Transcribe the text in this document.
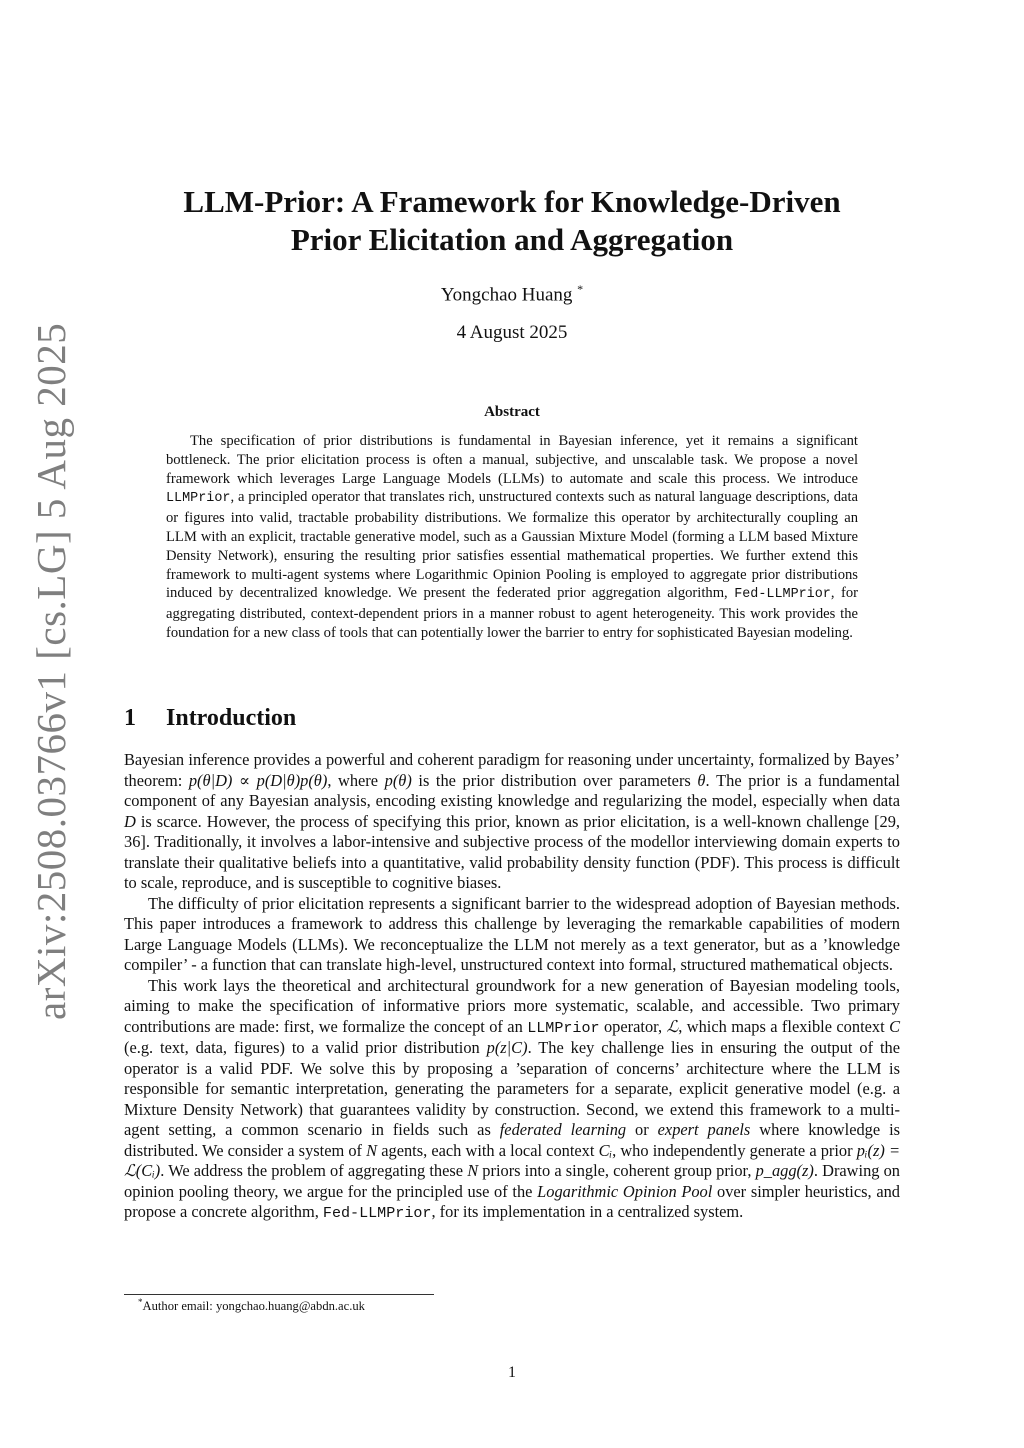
arXiv:2508.03766v1 [cs.LG] 5 Aug 2025
LLM-Prior: A Framework for Knowledge-Driven
Prior Elicitation and Aggregation
Yongchao Huang *
4 August 2025
Abstract
The specification of prior distributions is fundamental in Bayesian inference, yet it remains a significant bottleneck. The prior elicitation process is often a manual, subjective, and unscalable task. We propose a novel framework which leverages Large Language Models (LLMs) to automate and scale this process. We introduce LLMPrior, a principled operator that translates rich, unstructured contexts such as natural language descriptions, data or figures into valid, tractable probability distributions. We formalize this operator by architecturally coupling an LLM with an explicit, tractable generative model, such as a Gaussian Mixture Model (forming a LLM based Mixture Density Network), ensuring the resulting prior satisfies essential mathematical properties. We further extend this framework to multi-agent systems where Logarithmic Opinion Pooling is employed to aggregate prior distributions induced by decentralized knowledge. We present the federated prior aggregation algorithm, Fed-LLMPrior, for aggregating distributed, context-dependent priors in a manner robust to agent heterogeneity. This work provides the foundation for a new class of tools that can potentially lower the barrier to entry for sophisticated Bayesian modeling.
1 Introduction

Bayesian inference provides a powerful and coherent paradigm for reasoning under uncertainty, formalized by Bayes’ theorem: p(θ|D) ∝ p(D|θ)p(θ), where p(θ) is the prior distribution over parameters θ. The prior is a fundamental component of any Bayesian analysis, encoding existing knowledge and regularizing the model, especially when data D is scarce. However, the process of specifying this prior, known as prior elicitation, is a well-known challenge [29, 36]. Traditionally, it involves a labor-intensive and subjective process of the modellor interviewing domain experts to translate their qualitative beliefs into a quantitative, valid probability density function (PDF). This process is difficult to scale, reproduce, and is susceptible to cognitive biases.

The difficulty of prior elicitation represents a significant barrier to the widespread adoption of Bayesian methods. This paper introduces a framework to address this challenge by leveraging the remarkable capabilities of modern Large Language Models (LLMs). We reconceptualize the LLM not merely as a text generator, but as a ’knowledge compiler’ - a function that can translate high-level, unstructured context into formal, structured mathematical objects.

This work lays the theoretical and architectural groundwork for a new generation of Bayesian modeling tools, aiming to make the specification of informative priors more systematic, scalable, and accessible. Two primary contributions are made: first, we formalize the concept of an LLMPrior operator, ℒ, which maps a flexible context C (e.g. text, data, figures) to a valid prior distribution p(z|C). The key challenge lies in ensuring the output of the operator is a valid PDF. We solve this by proposing a ’separation of concerns’ architecture where the LLM is responsible for semantic interpretation, generating the parameters for a separate, explicit generative model (e.g. a Mixture Density Network) that guarantees validity by construction. Second, we extend this framework to a multi-agent setting, a common scenario in fields such as federated learning or expert panels where knowledge is distributed. We consider a system of N agents, each with a local context Cᵢ, who independently generate a prior pᵢ(z) = ℒ(Cᵢ). We address the problem of aggregating these N priors into a single, coherent group prior, p_agg(z). Drawing on opinion pooling theory, we argue for the principled use of the Logarithmic Opinion Pool over simpler heuristics, and propose a concrete algorithm, Fed-LLMPrior, for its implementation in a centralized system.

*Author email: yongchao.huang@abdn.ac.uk
1
